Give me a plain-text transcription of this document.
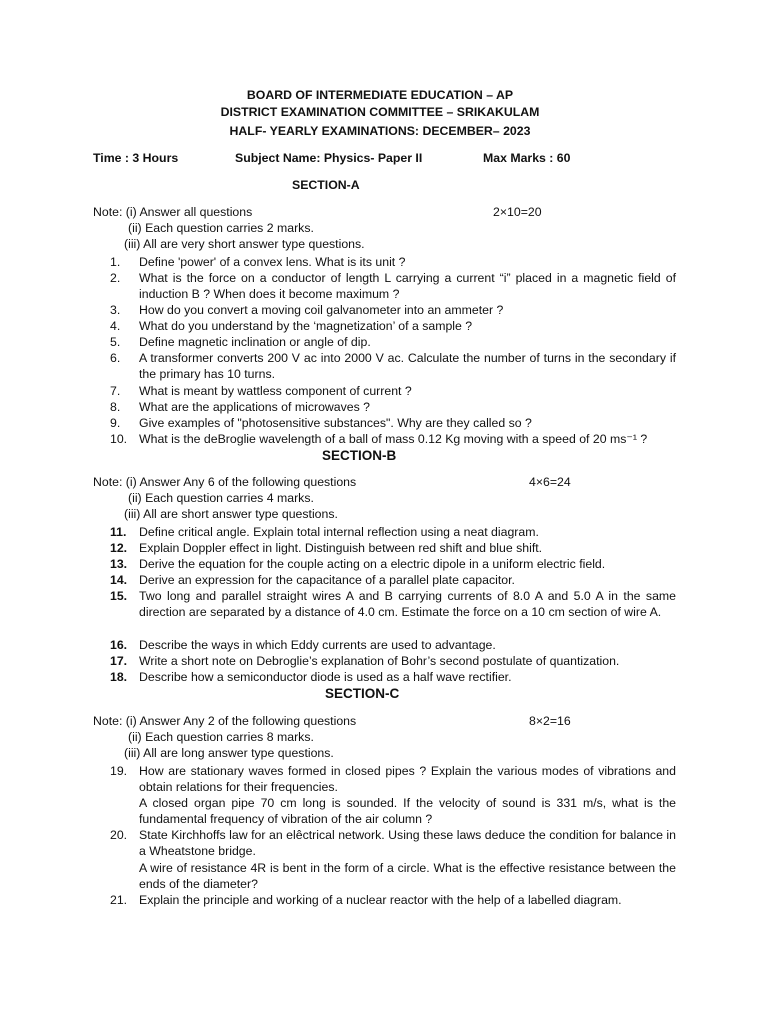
BOARD OF INTERMEDIATE EDUCATION – AP
DISTRICT EXAMINATION COMMITTEE – SRIKAKULAM
HALF- YEARLY EXAMINATIONS: DECEMBER– 2023
Time : 3 Hours	Subject Name: Physics- Paper II	Max Marks : 60
SECTION-A
Note: (i) Answer all questions	2×10=20
(ii) Each question carries 2 marks.
(iii) All are very short answer type questions.
1.	Define 'power' of a convex lens. What is its unit ?
2.	What is the force on a conductor of length L carrying a current “i” placed in a magnetic field of induction B ? When does it become maximum ?
3.	How do you convert a moving coil galvanometer into an ammeter ?
4.	What do you understand by the ‘magnetization’ of a sample ?
5.	Define magnetic inclination or angle of dip.
6.	A transformer converts 200 V ac into 2000 V ac. Calculate the number of turns in the secondary if the primary has 10 turns.
7.	What is meant by wattless component of current ?
8.	What are the applications of microwaves ?
9.	Give examples of "photosensitive substances". Why are they called so ?
10. What is the deBroglie wavelength of a ball of mass 0.12 Kg moving with a speed of 20 ms⁻¹ ?
SECTION-B
Note: (i) Answer Any 6 of the following questions	4×6=24
(ii) Each question carries 4 marks.
(iii) All are short answer type questions.
11.	Define critical angle. Explain total internal reflection using a neat diagram.
12. Explain Doppler effect in light. Distinguish between red shift and blue shift.
13. Derive the equation for the couple acting on a electric dipole in a uniform electric field.
14. Derive an expression for the capacitance of a parallel plate capacitor.
15. Two long and parallel straight wires A and B carrying currents of 8.0 A and 5.0 A in the same direction are separated by a distance of 4.0 cm. Estimate the force on a 10 cm section of wire A.
16. Describe the ways in which Eddy currents are used to advantage.
17. Write a short note on Debroglie’s explanation of Bohr’s second postulate of quantization.
18. Describe how a semiconductor diode is used as a half wave rectifier.
SECTION-C
Note: (i) Answer Any 2 of the following questions	8×2=16
(ii) Each question carries 8 marks.
(iii) All are long answer type questions.
19. How are stationary waves formed in closed pipes ? Explain the various modes of vibrations and obtain relations for their frequencies.
A closed organ pipe 70 cm long is sounded. If the velocity of sound is 331 m/s, what is the fundamental frequency of vibration of the air column ?
20. State Kirchhoffs law for an elêctrical network. Using these laws deduce the condition for balance in a Wheatstone bridge.
A wire of resistance 4R is bent in the form of a circle. What is the effective resistance between the ends of the diameter?
21. Explain the principle and working of a nuclear reactor with the help of a labelled diagram.
